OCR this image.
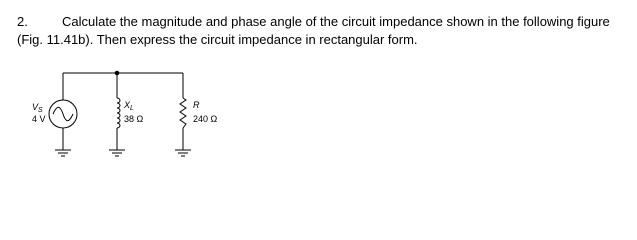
2.	Calculate the magnitude and phase angle of the circuit impedance shown in the following figure
(Fig. 11.41b). Then express the circuit impedance in rectangular form.
$V_S$
4 V
$X_L$
38 Ω
R
240 Ω
